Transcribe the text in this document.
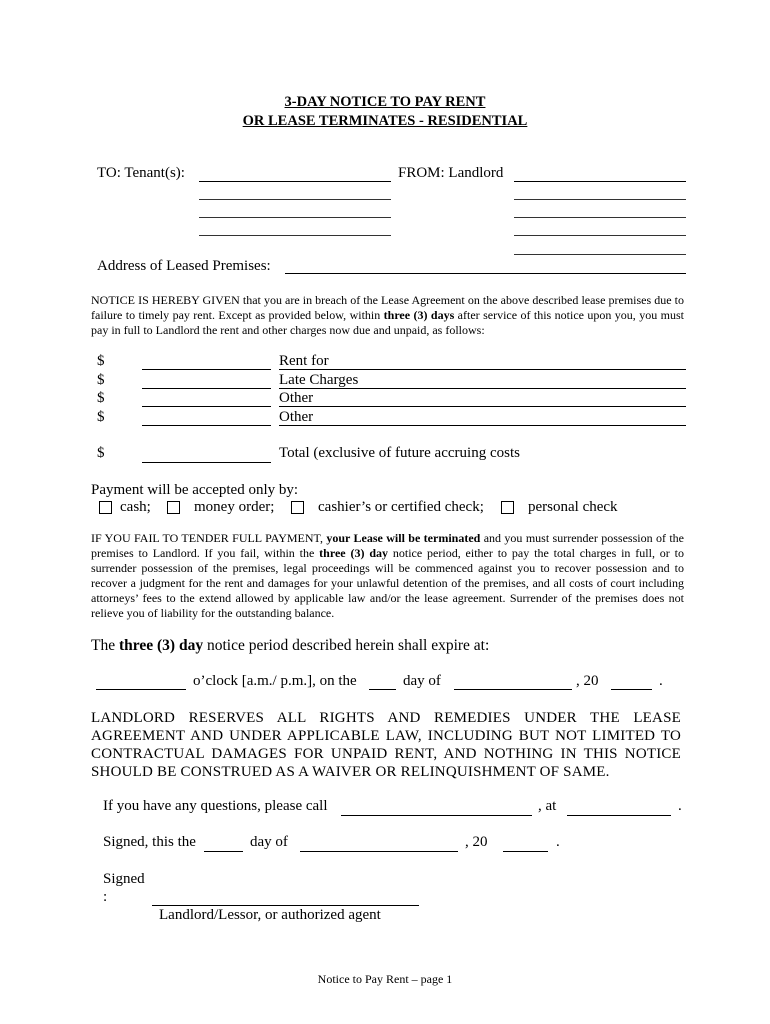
3-DAY NOTICE TO PAY RENT
OR LEASE TERMINATES - RESIDENTIAL
TO: Tenant(s):	FROM: Landlord
Address of Leased Premises:
NOTICE IS HEREBY GIVEN that you are in breach of the Lease Agreement on the above described lease premises due to failure to timely pay rent. Except as provided below, within three (3) days after service of this notice upon you, you must pay in full to Landlord the rent and other charges now due and unpaid, as follows:
$	Rent for
$	Late Charges
$	Other
$	Other
$	Total (exclusive of future accruing costs
Payment will be accepted only by:
cash;	money order;	cashier’s or certified check;	personal check
IF YOU FAIL TO TENDER FULL PAYMENT, your Lease will be terminated and you must surrender possession of the premises to Landlord. If you fail, within the three (3) day notice period, either to pay the total charges in full, or to surrender possession of the premises, legal proceedings will be commenced against you to recover possession and to recover a judgment for the rent and damages for your unlawful detention of the premises, and all costs of court including attorneys’ fees to the extend allowed by applicable law and/or the lease agreement. Surrender of the premises does not relieve you of liability for the outstanding balance.
The three (3) day notice period described herein shall expire at:
o’clock [a.m./ p.m.], on the	day of	, 20	.
LANDLORD RESERVES ALL RIGHTS AND REMEDIES UNDER THE LEASE AGREEMENT AND UNDER APPLICABLE LAW, INCLUDING BUT NOT LIMITED TO CONTRACTUAL DAMAGES FOR UNPAID RENT, AND NOTHING IN THIS NOTICE SHOULD BE CONSTRUED AS A WAIVER OR RELINQUISHMENT OF SAME.
If you have any questions, please call	, at	.
Signed, this the	day of	, 20	.
Signed
:
Landlord/Lessor, or authorized agent
Notice to Pay Rent – page 1
